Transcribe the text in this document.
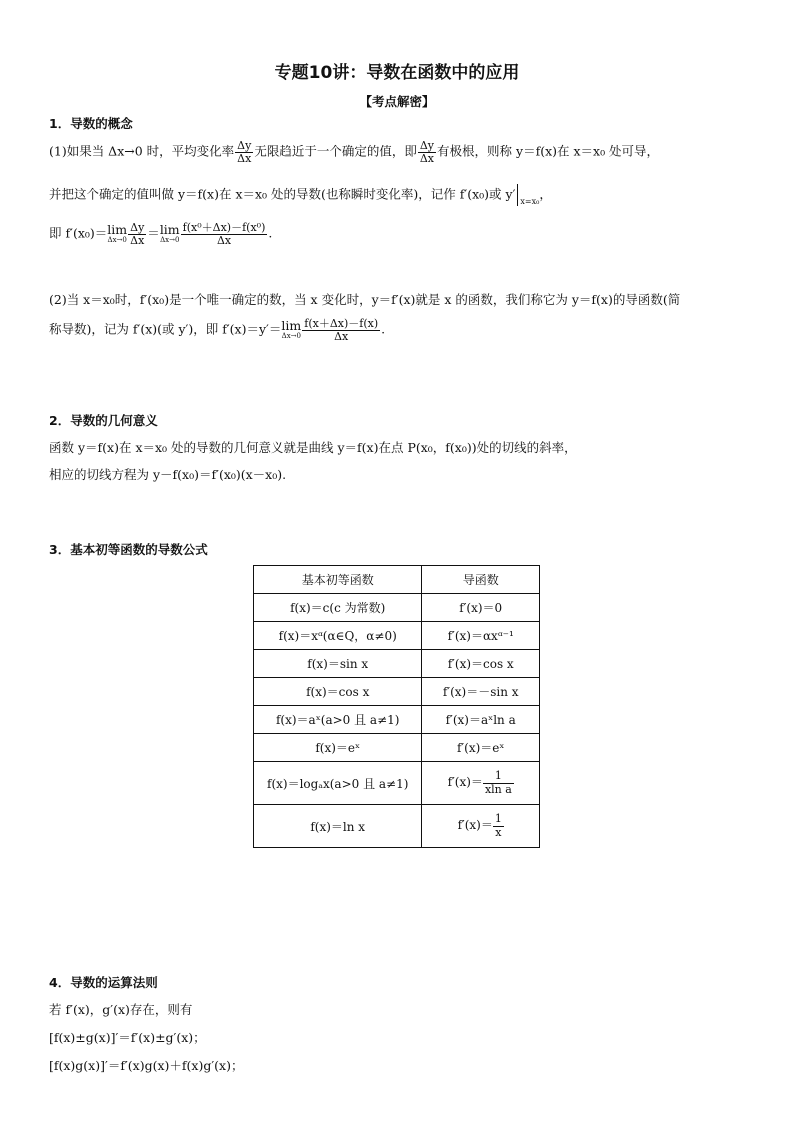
专题10讲：导数在函数中的应用
【考点解密】
1．导数的概念
(1)如果当 Δx→0 时，平均变化率 $\frac{\Delta y}{\Delta x}$ 无限趋近于一个确定的值，即 $\frac{\Delta y}{\Delta x}$ 有极根，则称 y＝f(x)在 x＝x₀ 处可导，
并把这个确定的值叫做 y＝f(x)在 x＝x₀ 处的导数(也称瞬时变化率)，记作 f′(x₀)或 y′ x=x₀，
即 f′(x₀)＝lim
$\Delta x\to 0 \frac{\Delta y}{\Delta x} =\lim$
$\Delta x\to 0 \frac{\text{f(x⁰＋Δx)－f(x⁰)}}{\Delta x}$ .
(2)当 x＝x₀时，f′(x₀)是一个唯一确定的数，当 x 变化时，y＝f′(x)就是 x 的函数，我们称它为 y＝f(x)的导函数(简
称导数)，记为 f′(x)(或 y′)，即 f′(x)＝y′＝lim
$\Delta x\to 0 \frac{f(x+\Delta x)-f(x)}{\Delta x}$ .
2．导数的几何意义
函数 y＝f(x)在 x＝x₀ 处的导数的几何意义就是曲线 y＝f(x)在点 P(x₀，f(x₀))处的切线的斜率，
相应的切线方程为 y－f(x₀)＝f′(x₀)(x－x₀).
3．基本初等函数的导数公式
基本初等函数	导函数
f(x)＝c(c 为常数)	f′(x)＝0
f(x)＝xᵅ(α∈Q，α≠0)	f′(x)＝αxᵅ⁻¹
f(x)＝sin x	f′(x)＝cos x
f(x)＝cos x	f′(x)＝－sin x
f(x)＝aˣ(a>0 且 a≠1)	f′(x)＝aˣln a
f(x)＝eˣ	f′(x)＝eˣ
f(x)＝logₐx(a>0 且 a≠1)	$f'(x)= \frac{1}{\text{xln a}}$

f(x)＝ln x	$f'(x)= \frac{1}{x}$
4．导数的运算法则
若 f′(x)，g′(x)存在，则有
[f(x)±g(x)]′＝f′(x)±g′(x)；
[f(x)g(x)]′＝f′(x)g(x)＋f(x)g′(x)；
